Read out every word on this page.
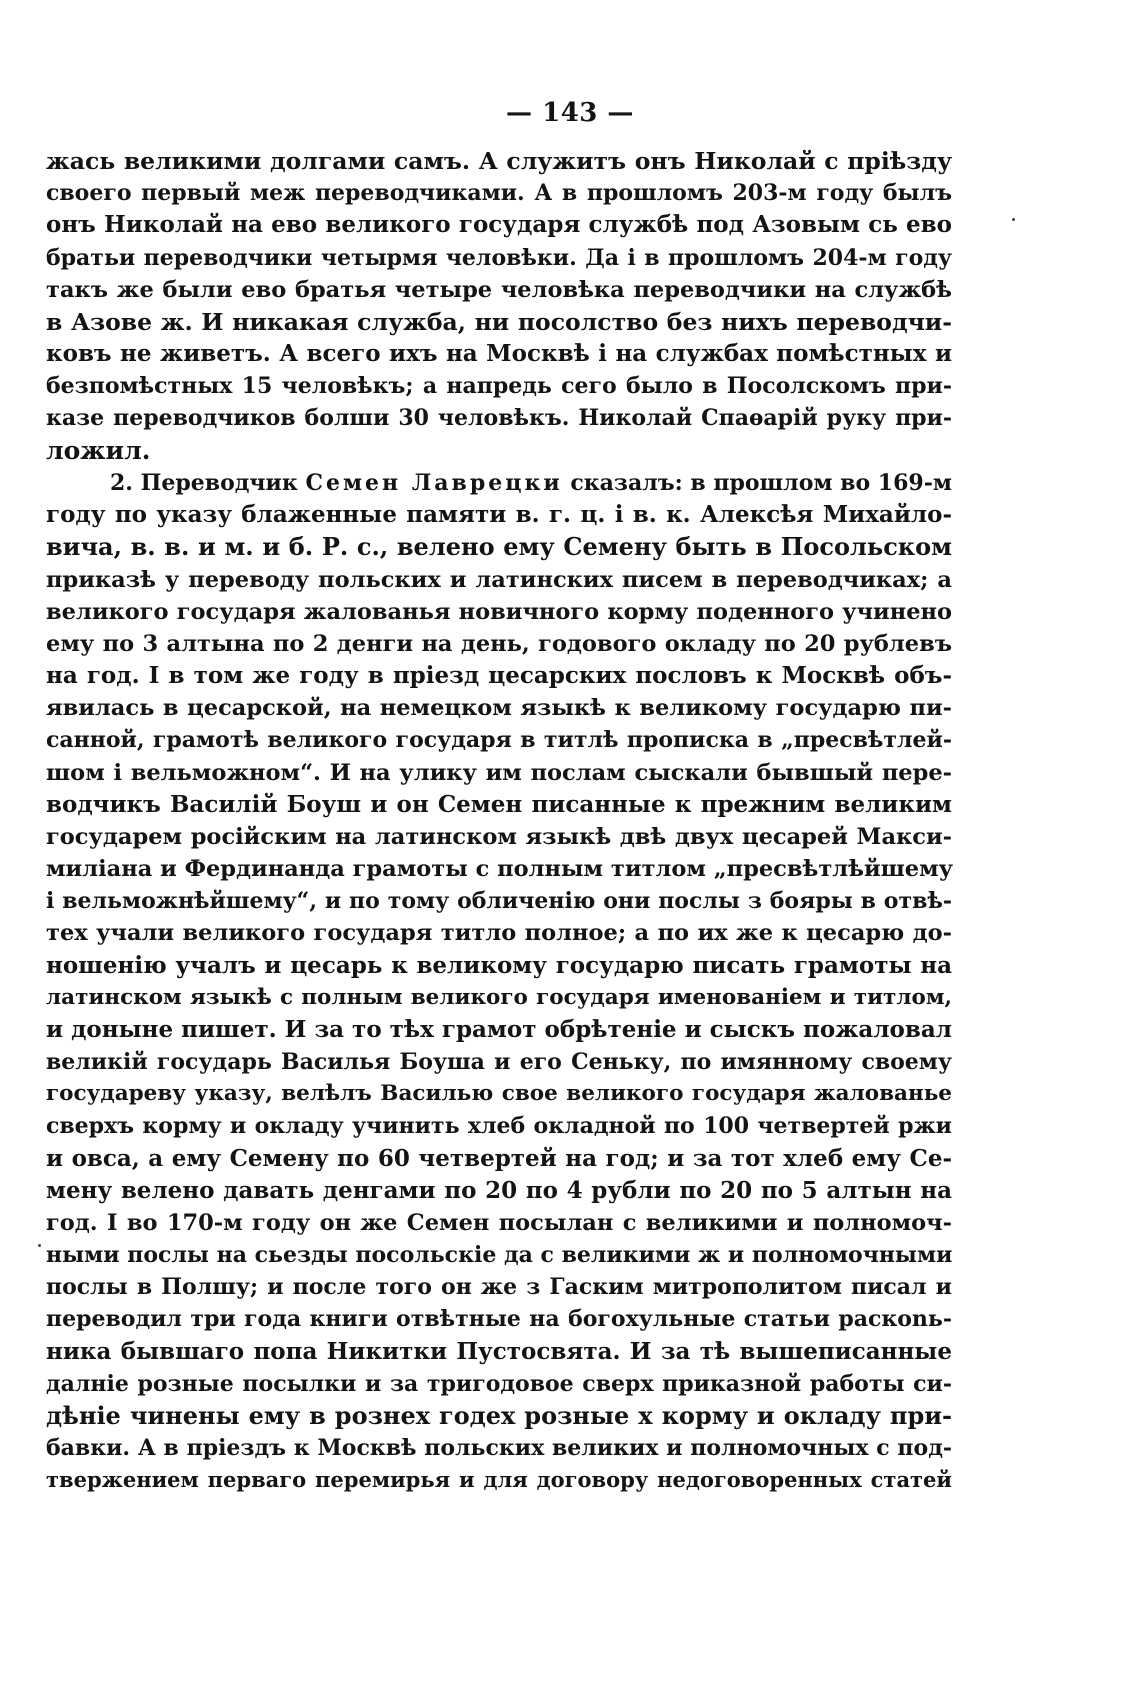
— 143 —
жась великими долгами самъ. А служитъ онъ Николай с пріѣзду
своего первый меж переводчиками. А в прошломъ 203-м году былъ
онъ Николай на ево великого государя службѣ под Азовым сь ево
братьи переводчики четырмя человѣки. Да і в прошломъ 204-м году
такъ же были ево братья четыре человѣка переводчики на службѣ
в Азове ж. И никакая служба, ни посолство без нихъ переводчи-
ковъ не живетъ. А всего ихъ на Москвѣ і на службах помѣстных и
безпомѣстных 15 человѣкъ; а напредь сего было в Посолскомъ при-
казе переводчиков болши 30 человѣкъ. Николай Спаѳарій руку при-
ложил.
2. Переводчик Семен Лаврецки сказалъ: в прошлом во 169-м
году по указу блаженные памяти в. г. ц. і в. к. Алексѣя Михайло-
вича, в. в. и м. и б. Р. с., велено ему Семену быть в Посольском
приказѣ у переводу польских и латинских писем в переводчиках; а
великого государя жалованья новичного корму поденного учинено
ему по 3 алтына по 2 денги на день, годового окладу по 20 рублевъ
на год. І в том же году в пріезд цесарских пословъ к Москвѣ объ-
явилась в цесарской, на немецком языкѣ к великому государю пи-
санной, грамотѣ великого государя в титлѣ прописка в „пресвѣтлей-
шом і вельможном“. И на улику им послам сыскали бывшый пере-
водчикъ Василій Боуш и он Семен писанные к прежним великим
государем російским на латинском языкѣ двѣ двух цесарей Макси-
миліана и Фердинанда грамоты с полным титлом „пресвѣтлѣйшему
і вельможнѣйшему“, и по тому обличенію они послы з бояры в отвѣ-
тех учали великого государя титло полное; а по их же к цесарю до-
ношенію учалъ и цесарь к великому государю писать грамоты на
латинском языкѣ с полным великого государя именованіем и титлом,
и доныне пишет. И за то тѣх грамот обрѣтеніе и сыскъ пожаловал
великій государь Василья Боуша и его Сеньку, по имянному своему
государеву указу, велѣлъ Василью свое великого государя жалованье
сверхъ корму и окладу учинить хлеб окладной по 100 четвертей ржи
и овса, а ему Семену по 60 четвертей на год; и за тот хлеб ему Се-
мену велено давать денгами по 20 по 4 рубли по 20 по 5 алтын на
год. І во 170-м году он же Семен посылан с великими и полномоч-
ными послы на сьезды посольскіе да с великими ж и полномочными
послы в Полшу; и после того он же з Гаским митрополитом писал и
переводил три года книги отвѣтные на богохульные статьи раскоnь-
ника бывшаго попа Никитки Пустосвята. И за тѣ вышеписанные
далніе розные посылки и за тригодовое сверх приказной работы си-
дѣніе чинены ему в рознех годех розные х корму и окладу при-
бавки. А в пріездъ к Москвѣ польских великих и полномочных с под-
твержением перваго перемирья и для договору недоговоренных статей
